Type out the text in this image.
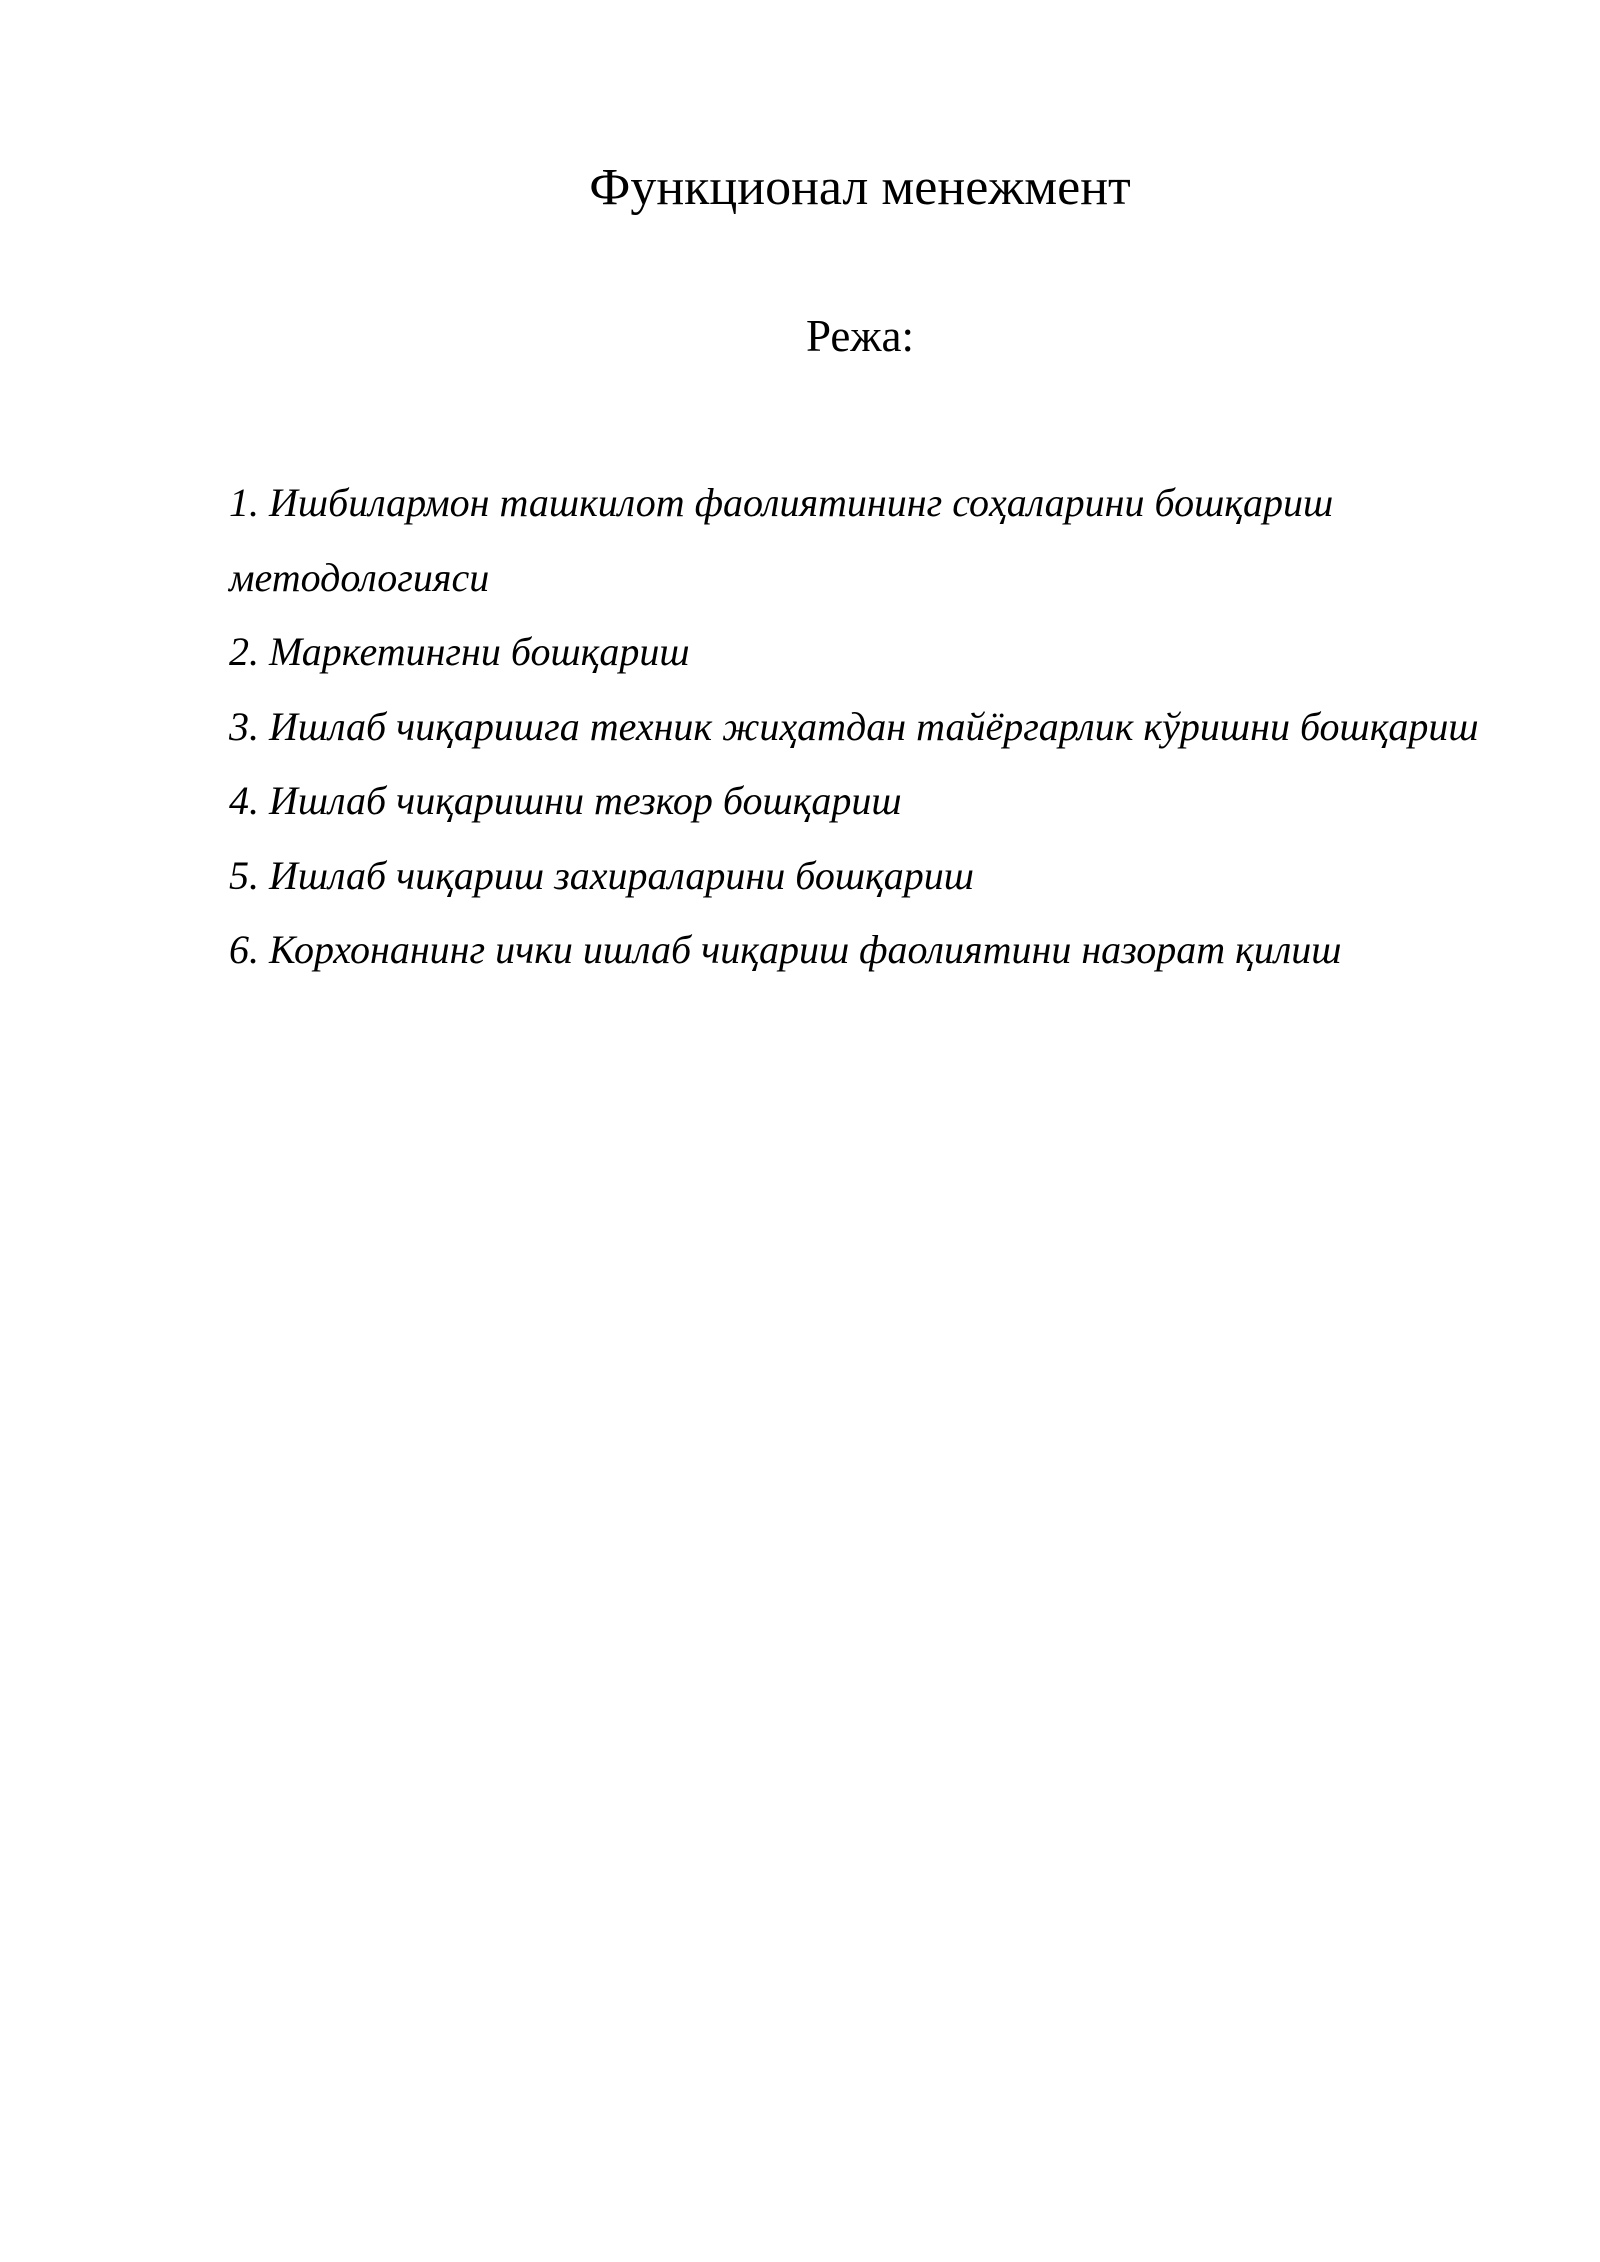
Функционал менежмент
Режа:
1. Ишбилармон ташкилот фаолиятининг соҳаларини бошқариш методологияси
2. Маркетингни бошқариш
3. Ишлаб чиқаришга техник жиҳатдан тайёргарлик кўришни бошқариш
4. Ишлаб чиқаришни тезкор бошқариш
5. Ишлаб чиқариш захираларини бошқариш
6. Корхонанинг ички ишлаб чиқариш фаолиятини назорат қилиш
